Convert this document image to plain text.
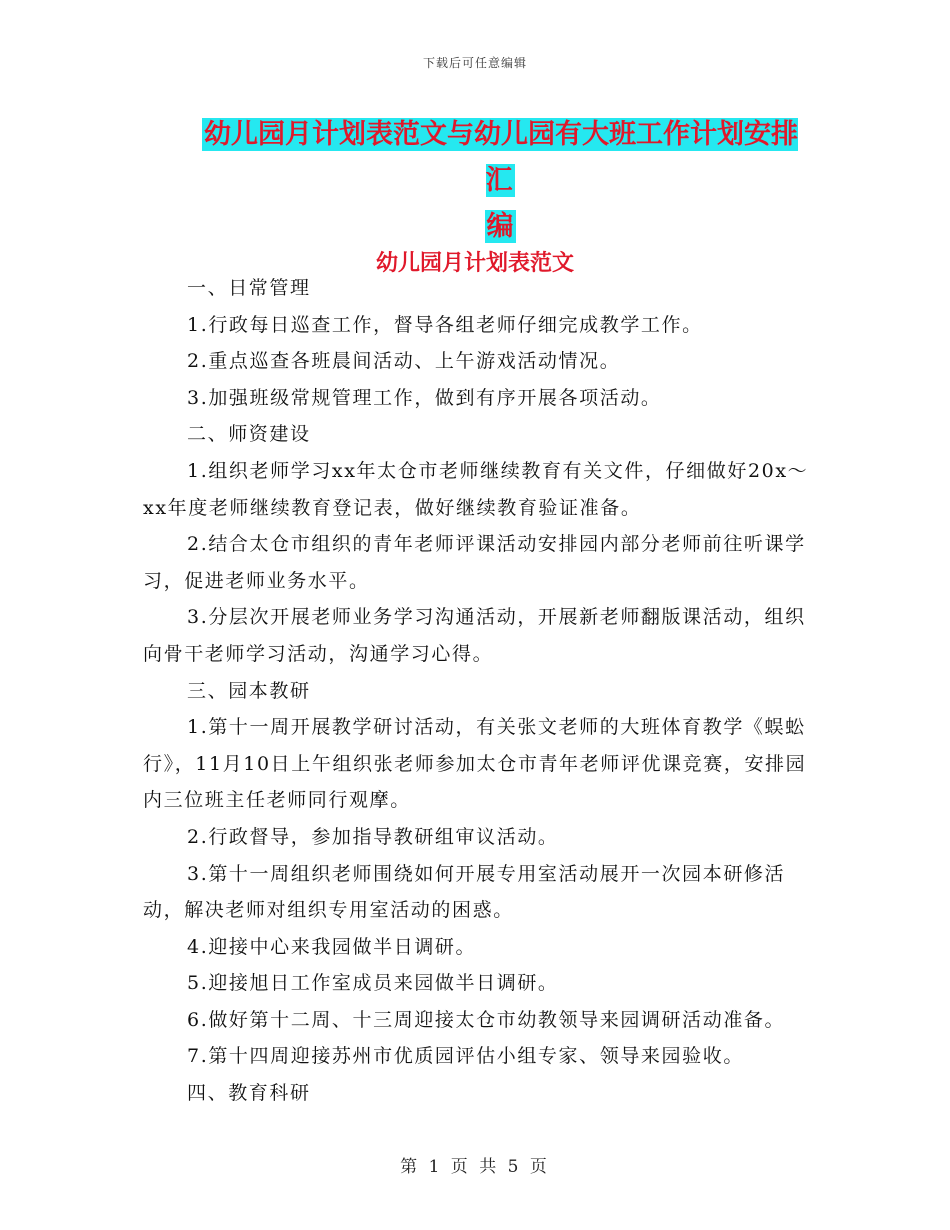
下载后可任意编辑
幼儿园月计划表范文与幼儿园有大班工作计划安排汇
编
幼儿园月计划表范文

一、日常管理

1.行政每日巡查工作，督导各组老师仔细完成教学工作。

2.重点巡查各班晨间活动、上午游戏活动情况。

3.加强班级常规管理工作，做到有序开展各项活动。

二、师资建设

1.组织老师学习xx年太仓市老师继续教育有关文件，仔细做好20x～xx年度老师继续教育登记表，做好继续教育验证准备。

2.结合太仓市组织的青年老师评课活动安排园内部分老师前往听课学习，促进老师业务水平。

3.分层次开展老师业务学习沟通活动，开展新老师翻版课活动，组织向骨干老师学习活动，沟通学习心得。

三、园本教研

1.第十一周开展教学研讨活动，有关张文老师的大班体育教学《蜈蚣行》，11月10日上午组织张老师参加太仓市青年老师评优课竞赛，安排园内三位班主任老师同行观摩。

2.行政督导，参加指导教研组审议活动。

3.第十一周组织老师围绕如何开展专用室活动展开一次园本研修活动，解决老师对组织专用室活动的困惑。

4.迎接中心来我园做半日调研。

5.迎接旭日工作室成员来园做半日调研。

6.做好第十二周、十三周迎接太仓市幼教领导来园调研活动准备。

7.第十四周迎接苏州市优质园评估小组专家、领导来园验收。

四、教育科研

第 1 页 共 5 页
